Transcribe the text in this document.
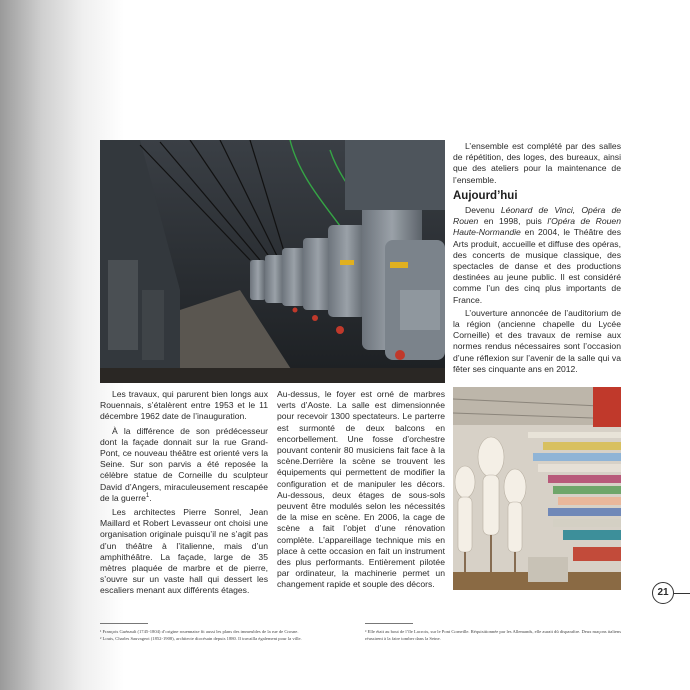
Les travaux, qui parurent bien longs aux Rouennais, s’étalèrent entre 1953 et le 11 décembre 1962 date de l’inauguration.

À la différence de son prédécesseur dont la façade donnait sur la rue Grand-Pont, ce nouveau théâtre est orienté vers la Seine. Sur son parvis a été reposée la célèbre statue de Corneille du sculpteur David d’Angers, miraculeusement rescapée de la guerre$^1$.

Les architectes Pierre Sonrel, Jean Maillard et Robert Levasseur ont choisi une organisation originale puisqu’il ne s’agit pas d’un théâtre à l’italienne, mais d’un amphithéâtre. La façade, large de 35 mètres plaquée de marbre et de pierre, s’ouvre sur un vaste hall qui dessert les escaliers menant aux différents étages.

Au-dessus, le foyer est orné de marbres verts d’Aoste. La salle est dimensionnée pour recevoir 1300 spectateurs. Le parterre est surmonté de deux balcons en encorbellement. Une fosse d’orchestre pouvant contenir 80 musiciens fait face à la scène.Derrière la scène se trouvent les équipements qui permettent de modifier la configuration et de manipuler les décors. Au-dessous, deux étages de sous-sols peuvent être modulés selon les nécessités de la mise en scène. En 2006, la cage de scène a fait l’objet d’une rénovation complète. L’appareillage technique mis en place à cette occasion en fait un instrument des plus performants. Entièrement pilotée par ordinateur, la machinerie permet un changement rapide et souple des décors.

L’ensemble est complété par des salles de répétition, des loges, des bureaux, ainsi que des ateliers pour la maintenance de l’ensemble.

Aujourd’hui

Devenu Léonard de Vinci, Opéra de Rouen en 1998, puis l’Opéra de Rouen Haute-Normandie en 2004, le Théâtre des Arts produit, accueille et diffuse des opéras, des concerts de musique classique, des spectacles de danse et des productions destinées au jeune public. Il est considéré comme l’un des cinq plus importants de France.

L’ouverture annoncée de l’auditorium de la région (ancienne chapelle du Lycée Corneille) et des travaux de remise aux normes rendus nécessaires sont l’occasion d’une réflexion sur l’avenir de la salle qui va fêter ses cinquante ans en 2012.

21
¹ François Guénault (1745-1804) d’origine rouennaise fit aussi les plans des immeubles de la rue de Crosne.
² Louis, Charles Sauvageot (1852-1908), architecte diocésain depuis 1880. Il travailla également pour la ville.
³ Elle était au bout de l’île Lacroix, sur le Pont Corneille. Réquisitionnée par les Allemands, elle aurait dû disparaître. Deux maçons italiens réussirent à la faire tomber dans la Seine.
